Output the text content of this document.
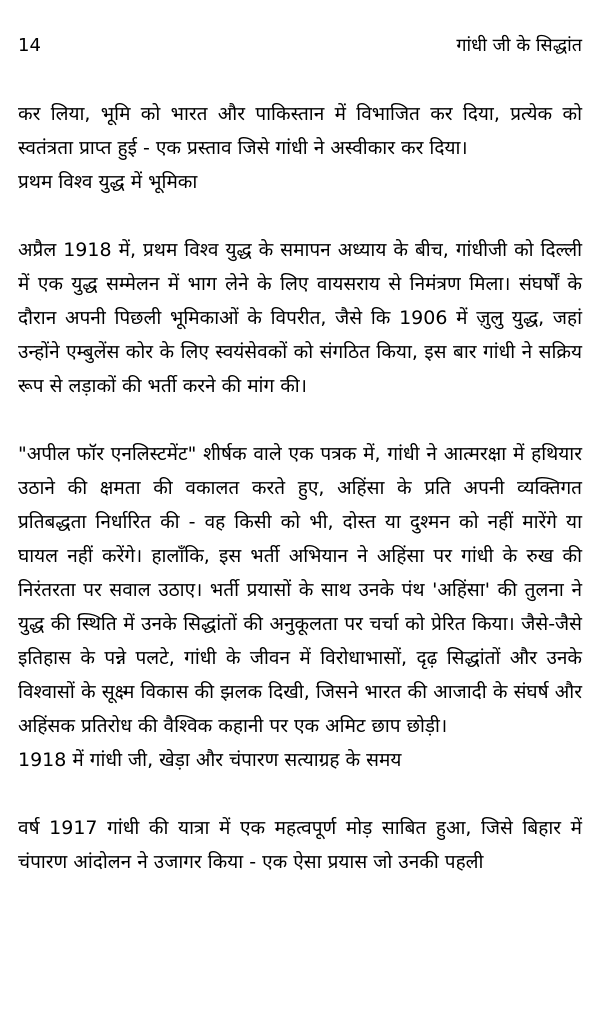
14	गांधी जी के सिद्धांत

कर लिया, भूमि को भारत और पाकिस्तान में विभाजित कर दिया, प्रत्येक को स्वतंत्रता प्राप्त हुई - एक प्रस्ताव जिसे गांधी ने अस्वीकार कर दिया।

प्रथम विश्व युद्ध में भूमिका

अप्रैल 1918 में, प्रथम विश्व युद्ध के समापन अध्याय के बीच, गांधीजी को दिल्ली में एक युद्ध सम्मेलन में भाग लेने के लिए वायसराय से निमंत्रण मिला। संघर्षों के दौरान अपनी पिछली भूमिकाओं के विपरीत, जैसे कि 1906 में ज़ुलु युद्ध, जहां उन्होंने एम्बुलेंस कोर के लिए स्वयंसेवकों को संगठित किया, इस बार गांधी ने सक्रिय रूप से लड़ाकों की भर्ती करने की मांग की।

"अपील फॉर एनलिस्टमेंट" शीर्षक वाले एक पत्रक में, गांधी ने आत्मरक्षा में हथियार उठाने की क्षमता की वकालत करते हुए, अहिंसा के प्रति अपनी व्यक्तिगत प्रतिबद्धता निर्धारित की - वह किसी को भी, दोस्त या दुश्मन को नहीं मारेंगे या घायल नहीं करेंगे। हालाँकि, इस भर्ती अभियान ने अहिंसा पर गांधी के रुख की निरंतरता पर सवाल उठाए। भर्ती प्रयासों के साथ उनके पंथ 'अहिंसा' की तुलना ने युद्ध की स्थिति में उनके सिद्धांतों की अनुकूलता पर चर्चा को प्रेरित किया। जैसे-जैसे इतिहास के पन्ने पलटे, गांधी के जीवन में विरोधाभासों, दृढ़ सिद्धांतों और उनके विश्वासों के सूक्ष्म विकास की झलक दिखी, जिसने भारत की आजादी के संघर्ष और अहिंसक प्रतिरोध की वैश्विक कहानी पर एक अमिट छाप छोड़ी।

1918 में गांधी जी, खेड़ा और चंपारण सत्याग्रह के समय

वर्ष 1917 गांधी की यात्रा में एक महत्वपूर्ण मोड़ साबित हुआ, जिसे बिहार में चंपारण आंदोलन ने उजागर किया - एक ऐसा प्रयास जो उनकी पहली
